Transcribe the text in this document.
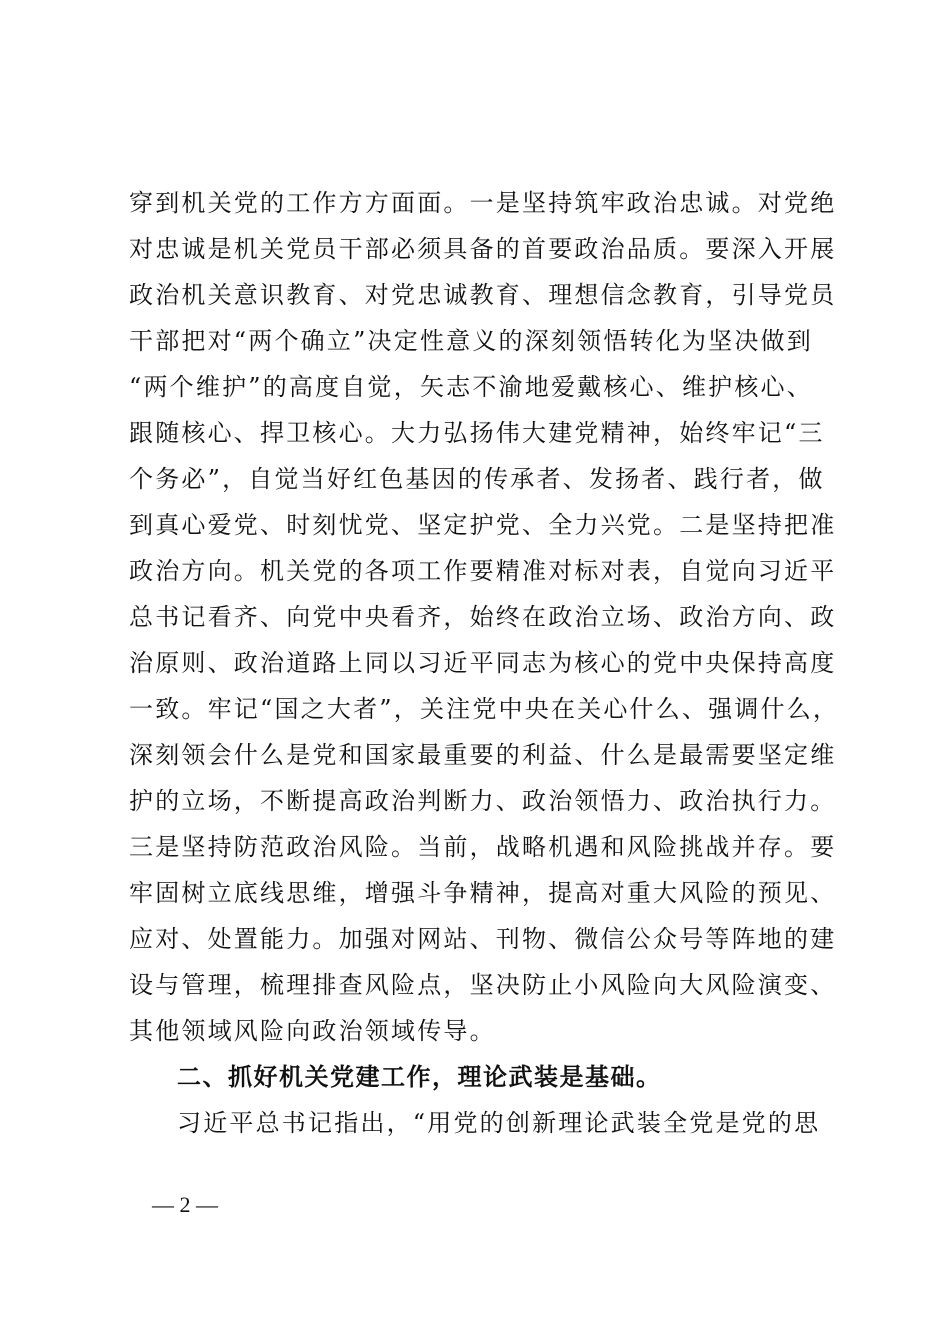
穿到机关党的工作方方面面。一是坚持筑牢政治忠诚。对党绝
对忠诚是机关党员干部必须具备的首要政治品质。要深入开展
政治机关意识教育、对党忠诚教育、理想信念教育，引导党员
干部把对“两个确立”决定性意义的深刻领悟转化为坚决做到
“两个维护”的高度自觉，矢志不渝地爱戴核心、维护核心、
跟随核心、捍卫核心。大力弘扬伟大建党精神，始终牢记“三
个务必”，自觉当好红色基因的传承者、发扬者、践行者，做
到真心爱党、时刻忧党、坚定护党、全力兴党。二是坚持把准
政治方向。机关党的各项工作要精准对标对表，自觉向习近平
总书记看齐、向党中央看齐，始终在政治立场、政治方向、政
治原则、政治道路上同以习近平同志为核心的党中央保持高度
一致。牢记“国之大者”，关注党中央在关心什么、强调什么，
深刻领会什么是党和国家最重要的利益、什么是最需要坚定维
护的立场，不断提高政治判断力、政治领悟力、政治执行力。
三是坚持防范政治风险。当前，战略机遇和风险挑战并存。要
牢固树立底线思维，增强斗争精神，提高对重大风险的预见、
应对、处置能力。加强对网站、刊物、微信公众号等阵地的建
设与管理，梳理排查风险点，坚决防止小风险向大风险演变、
其他领域风险向政治领域传导。
二、抓好机关党建工作，理论武装是基础。
习近平总书记指出，“用党的创新理论武装全党是党的思
— 2 —
